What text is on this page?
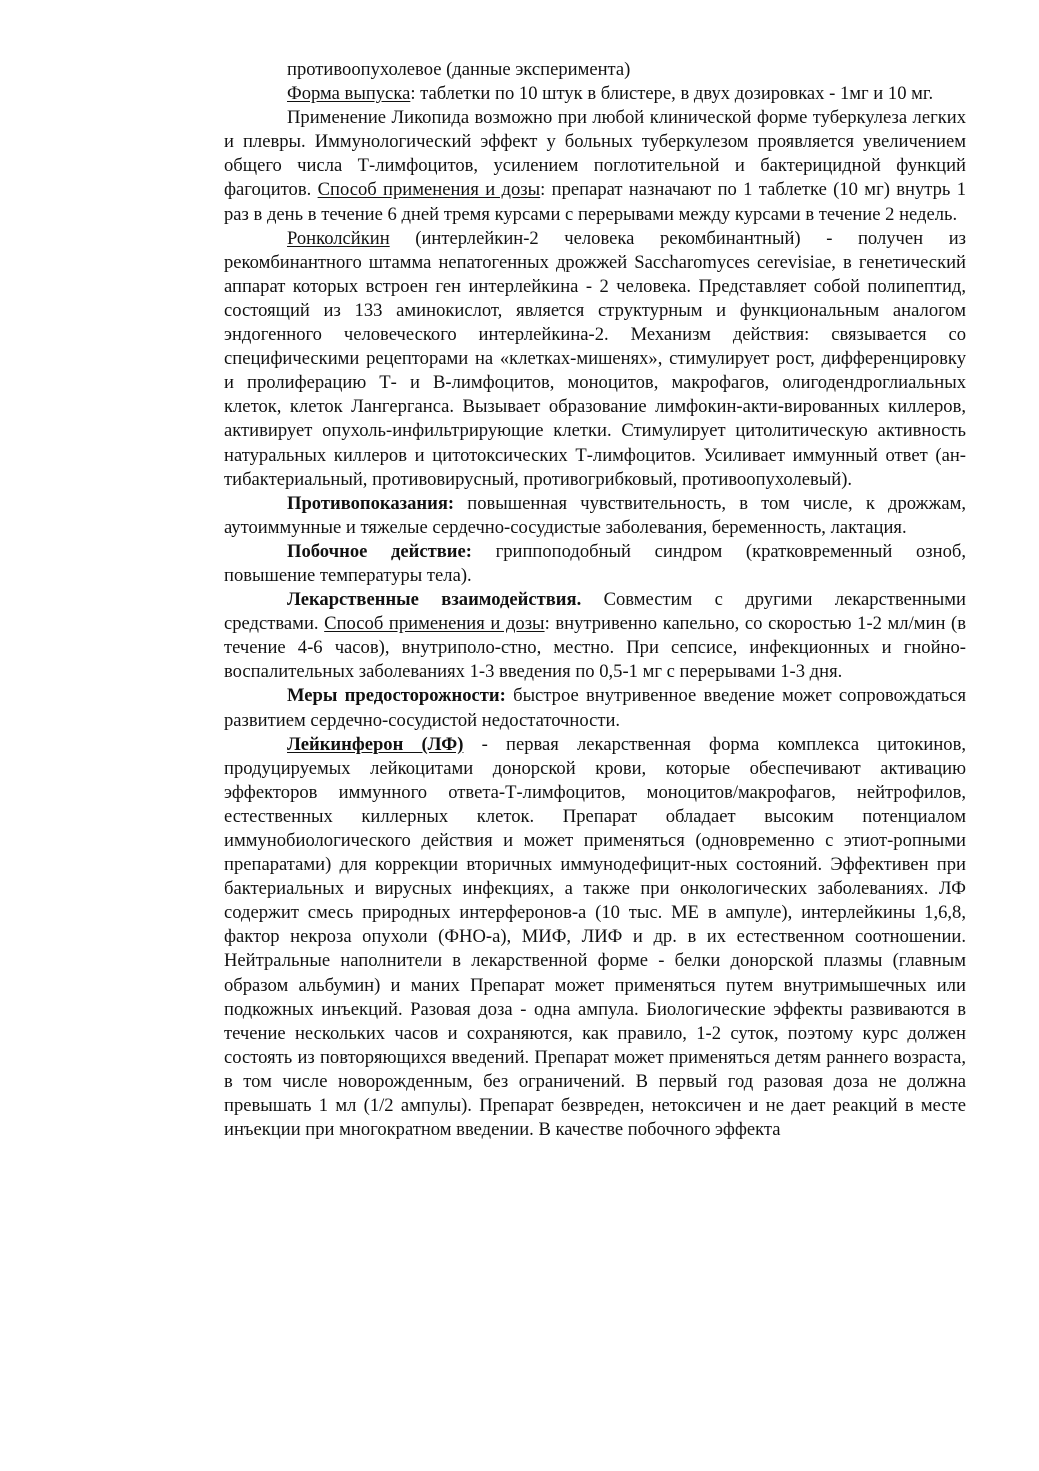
противоопухолевое (данные эксперимента)

Форма выпуска: таблетки по 10 штук в блистере, в двух дозировках - 1мг и 10 мг.

Применение Ликопида возможно при любой клинической форме туберкулеза легких и плевры. Иммунологический эффект у больных туберкулезом проявляется увеличением общего числа Т-лимфоцитов, усилением поглотительной и бактерицидной функций фагоцитов. Способ применения и дозы: препарат назначают по 1 таблетке (10 мг) внутрь 1 раз в день в течение 6 дней тремя курсами с перерывами между курсами в течение 2 недель.

Ронколсйкин (интерлейкин-2 человека рекомбинантный) - получен из рекомбинантного штамма непатогенных дрожжей Saccharomyces cerevisiae, в генетический аппарат которых встроен ген интерлейкина - 2 человека. Представляет собой полипептид, состоящий из 133 аминокислот, является структурным и функциональным аналогом эндогенного человеческого интерлейкина-2. Механизм действия: связывается со специфическими рецепторами на «клетках-мишенях», стимулирует рост, дифференцировку и пролиферацию Т- и В-лимфоцитов, моноцитов, макрофагов, олигодендроглиальных клеток, клеток Лангерганса. Вызывает образование лимфокин-акти-вированных киллеров, активирует опухоль-инфильтрирующие клетки. Стимулирует цитолитическую активность натуральных киллеров и цитотоксических Т-лимфоцитов. Усиливает иммунный ответ (ан-тибактериальный, противовирусный, противогрибковый, противоопухолевый).

Противопоказания: повышенная чувствительность, в том числе, к дрожжам, аутоиммунные и тяжелые сердечно-сосудистые заболевания, беременность, лактация.

Побочное действие: гриппоподобный синдром (кратковременный озноб, повышение температуры тела).

Лекарственные взаимодействия. Совместим с другими лекарственными средствами. Способ применения и дозы: внутривенно капельно, со скоростью 1-2 мл/мин (в течение 4-6 часов), внутриполо-стно, местно. При сепсисе, инфекционных и гнойно-воспалительных заболеваниях 1-3 введения по 0,5-1 мг с перерывами 1-3 дня.

Меры предосторожности: быстрое внутривенное введение может сопровождаться развитием сердечно-сосудистой недостаточности.

Лейкинферон (ЛФ) - первая лекарственная форма комплекса цитокинов, продуцируемых лейкоцитами донорской крови, которые обеспечивают активацию эффекторов иммунного ответа-Т-лимфоцитов, моноцитов/макрофагов, нейтрофилов, естественных киллерных клеток. Препарат обладает высоким потенциалом иммунобиологического действия и может применяться (одновременно с этиот-ропными препаратами) для коррекции вторичных иммунодефицит-ных состояний. Эффективен при бактериальных и вирусных инфекциях, а также при онкологических заболеваниях. ЛФ содержит смесь природных интерферонов-а (10 тыс. МЕ в ампуле), интерлейкины 1,6,8, фактор некроза опухоли (ФНО-а), МИФ, ЛИФ и др. в их естественном соотношении. Нейтральные наполнители в лекарственной форме - белки донорской плазмы (главным образом альбумин) и маних Препарат может применяться путем внутримышечных или подкожных инъекций. Разовая доза - одна ампула. Биологические эффекты развиваются в течение нескольких часов и сохраняются, как правило, 1-2 суток, поэтому курс должен состоять из повторяющихся введений. Препарат может применяться детям раннего возраста, в том числе новорожденным, без ограничений. В первый год разовая доза не должна превышать 1 мл (1/2 ампулы). Препарат безвреден, нетоксичен и не дает реакций в месте инъекции при многократном введении. В качестве побочного эффекта
